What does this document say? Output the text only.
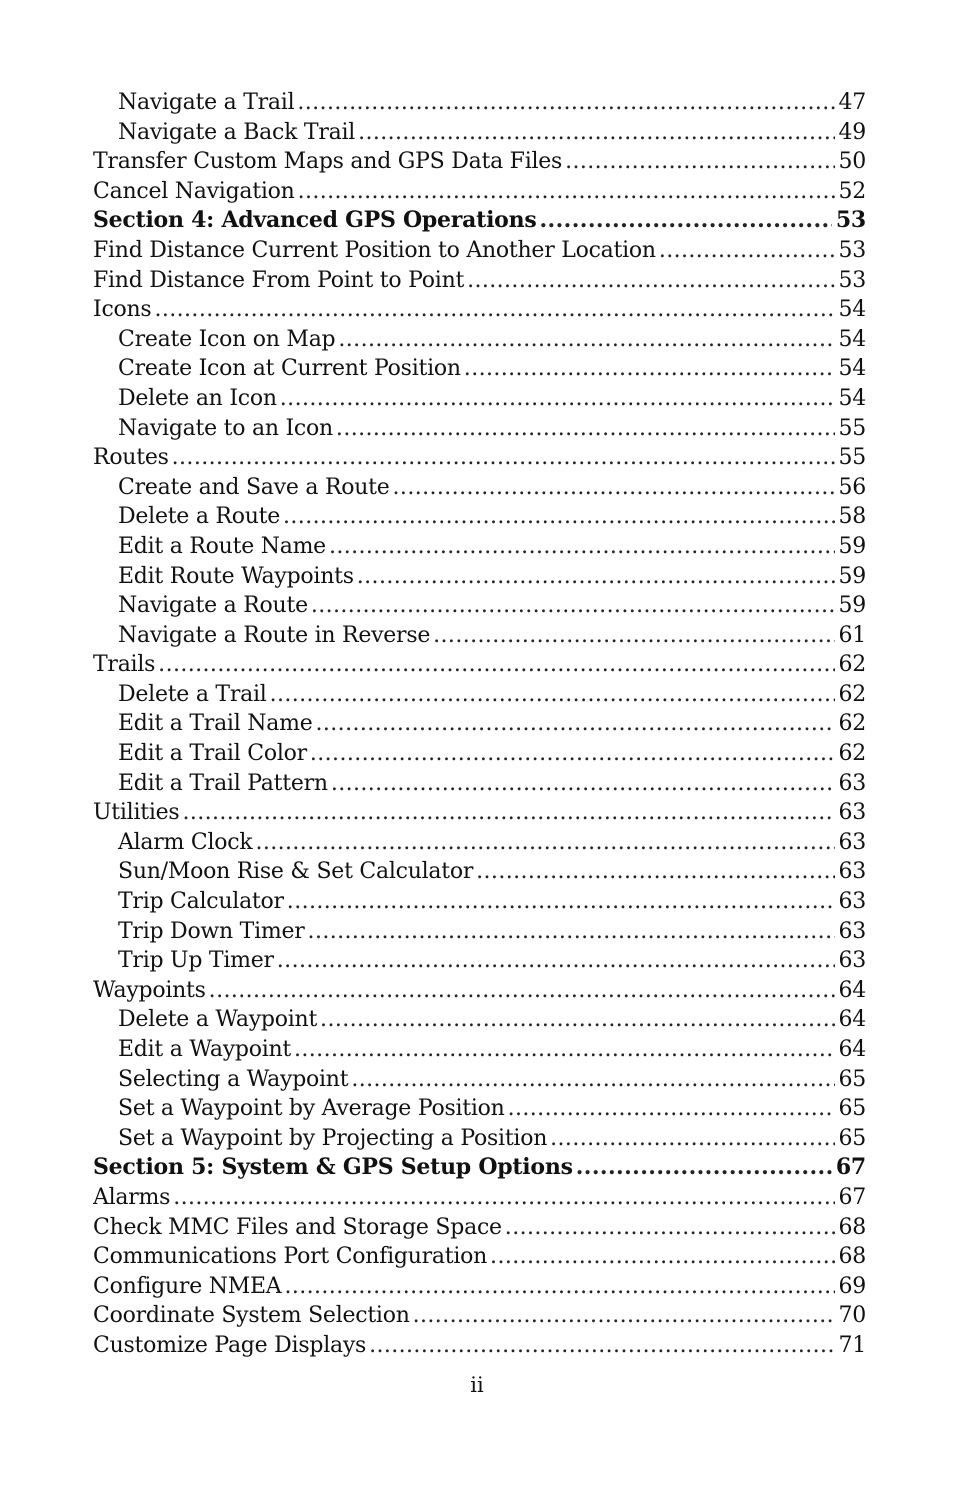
Navigate a Trail .....	47
Navigate a Back Trail .....	49
Transfer Custom Maps and GPS Data Files .....	50
Cancel Navigation .....	52
Section 4: Advanced GPS Operations .....	53
Find Distance Current Position to Another Location .....	53
Find Distance From Point to Point .....	53
Icons .....	54
Create Icon on Map .....	54
Create Icon at Current Position .....	54
Delete an Icon .....	54
Navigate to an Icon .....	55
Routes .....	55
Create and Save a Route .....	56
Delete a Route .....	58
Edit a Route Name .....	59
Edit Route Waypoints .....	59
Navigate a Route .....	59
Navigate a Route in Reverse .....	61
Trails .....	62
Delete a Trail .....	62
Edit a Trail Name .....	62
Edit a Trail Color .....	62
Edit a Trail Pattern .....	63
Utilities .....	63
Alarm Clock .....	63
Sun/Moon Rise & Set Calculator .....	63
Trip Calculator .....	63
Trip Down Timer .....	63
Trip Up Timer .....	63
Waypoints .....	64
Delete a Waypoint .....	64
Edit a Waypoint .....	64
Selecting a Waypoint .....	65
Set a Waypoint by Average Position .....	65
Set a Waypoint by Projecting a Position .....	65
Section 5: System & GPS Setup Options .....	67
Alarms .....	67
Check MMC Files and Storage Space .....	68
Communications Port Configuration .....	68
Configure NMEA .....	69
Coordinate System Selection .....	70
Customize Page Displays .....	71
ii
